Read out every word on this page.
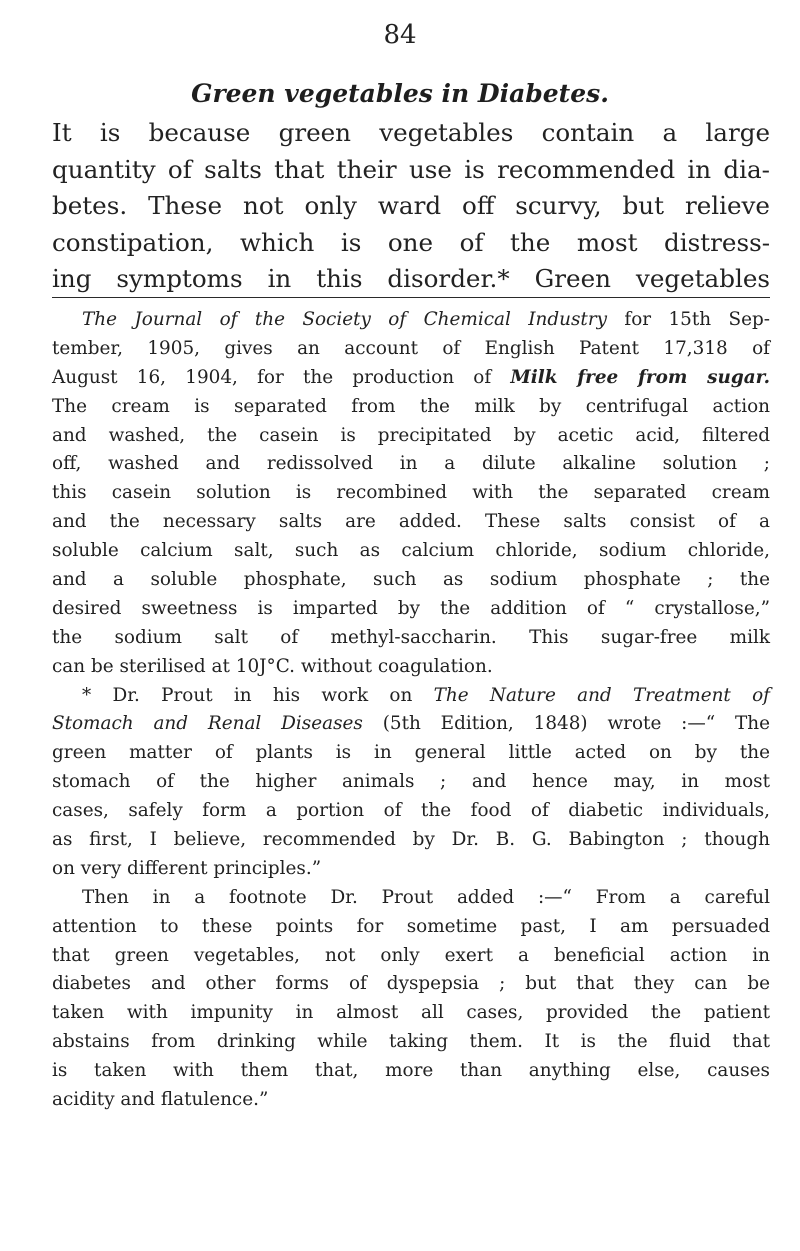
84
Green vegetables in Diabetes.
It is because green vegetables contain a large
quantity of salts that their use is recommended in dia-
betes. These not only ward off scurvy, but relieve
constipation, which is one of the most distress-
ing symptoms in this disorder.* Green vegetables
The Journal of the Society of Chemical Industry for 15th Sep-
tember, 1905, gives an account of English Patent 17,318 of
August 16, 1904, for the production of Milk free from sugar.
The cream is separated from the milk by centrifugal action
and washed, the casein is precipitated by acetic acid, filtered
off, washed and redissolved in a dilute alkaline solution ;
this casein solution is recombined with the separated cream
and the necessary salts are added. These salts consist of a
soluble calcium salt, such as calcium chloride, sodium chloride,
and a soluble phosphate, such as sodium phosphate ; the
desired sweetness is imparted by the addition of “ crystallose,”
the sodium salt of methyl-saccharin. This sugar-free milk
can be sterilised at 10J°C. without coagulation.
* Dr. Prout in his work on The Nature and Treatment of
Stomach and Renal Diseases (5th Edition, 1848) wrote :—“ The
green matter of plants is in general little acted on by the
stomach of the higher animals ; and hence may, in most
cases, safely form a portion of the food of diabetic individuals,
as first, I believe, recommended by Dr. B. G. Babington ; though
on very different principles.”
Then in a footnote Dr. Prout added :—“ From a careful
attention to these points for sometime past, I am persuaded
that green vegetables, not only exert a beneficial action in
diabetes and other forms of dyspepsia ; but that they can be
taken with impunity in almost all cases, provided the patient
abstains from drinking while taking them. It is the fluid that
is taken with them that, more than anything else, causes
acidity and flatulence.”
